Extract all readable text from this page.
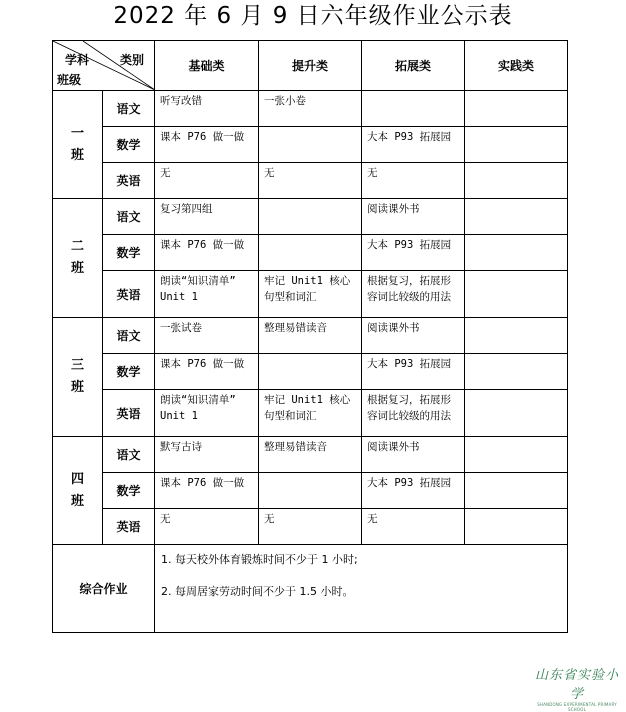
2022 年 6 月 9 日六年级作业公示表
学科 类别
班级		基础类	提升类	拓展类	实践类

一
班	语文	听写改错	一张小卷		
	数学	课本 P76 做一做		大本 P93 拓展园	
	英语	无	无	无	

二
班	语文	复习第四组		阅读课外书	
	数学	课本 P76 做一做		大本 P93 拓展园	
	英语	朗读“知识清单” Unit 1	牢记 Unit1 核心句型和词汇	根据复习，拓展形容词比较级的用法	

三
班	语文	一张试卷	整理易错读音	阅读课外书	
	数学	课本 P76 做一做		大本 P93 拓展园	
	英语	朗读“知识清单” Unit 1	牢记 Unit1 核心句型和词汇	根据复习，拓展形容词比较级的用法	

四
班	语文	默写古诗	整理易错读音	阅读课外书	
	数学	课本 P76 做一做		大本 P93 拓展园	
	英语	无	无	无	
综合作业		1. 每天校外体育锻炼时间不少于 1 小时;

2. 每周居家劳动时间不少于 1.5 小时。			

山东省实验小学
SHANDONG EXPERIMENTAL PRIMARY SCHOOL
